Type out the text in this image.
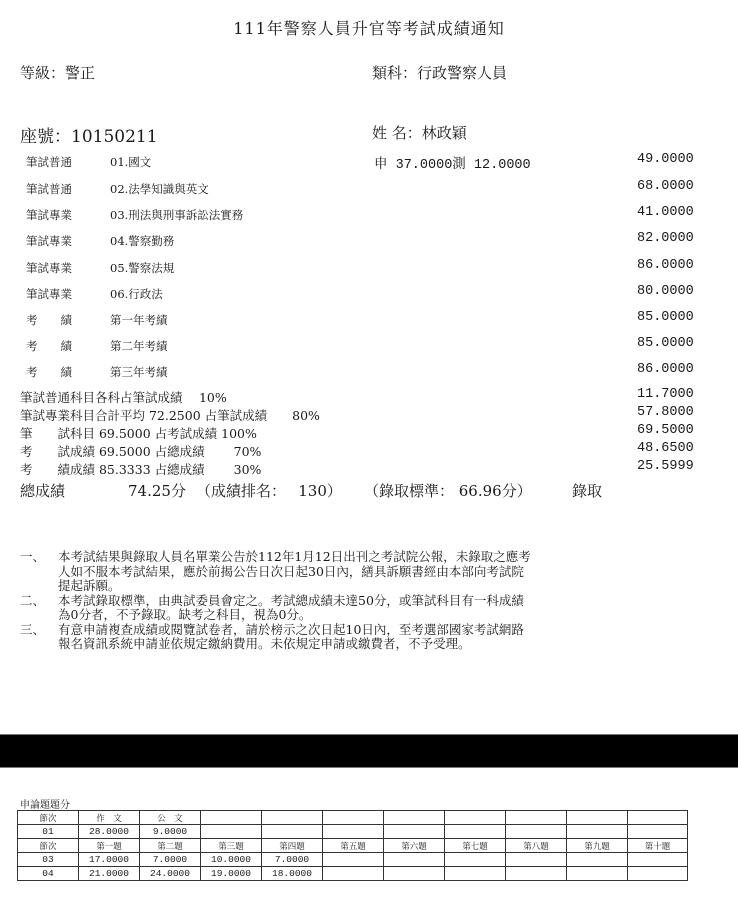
111年警察人員升官等考試成績通知
等級：警正	類科：行政警察人員
座號：10150211	姓 名：林政穎
筆試普通	01.國文	申 37.0000測 12.0000	49.0000
筆試普通	02.法學知識與英文	68.0000
筆試專業	03.刑法與刑事訴訟法實務	41.0000
筆試專業	04.警察勤務	82.0000
筆試專業	05.警察法規	86.0000
筆試專業	06.行政法	80.0000
考　　績	第一年考績	85.0000
考　　績	第二年考績	85.0000
考　　績	第三年考績	86.0000
筆試普通科目各科占筆試成績　 10%	11.7000
筆試專業科目合計平均 72.2500 占筆試成績　　80%	57.8000
筆　　試科目 69.5000 占考試成績 100%	69.5000
考　　試成績 69.5000 占總成績　　 70%	48.6500
考　　績成績 85.3333 占總成績　　 30%	25.5999
總成績	74.25分 （成績排名：　 130） （錄取標準： 66.96分）	錄取
一、	本考試結果與錄取人員名單業公告於112年1月12日出刊之考試院公報，未錄取之應考
人如不服本考試結果，應於前揭公告日次日起30日內，繕具訴願書經由本部向考試院
提起訴願。
二、	本考試錄取標準，由典試委員會定之。考試總成績未達50分，或筆試科目有一科成績
為0分者，不予錄取。缺考之科目，視為0分。
三、	有意申請複查成績或閱覽試卷者，請於榜示之次日起10日內，至考選部國家考試網路
報名資訊系統申請並依規定繳納費用。未依規定申請或繳費者，不予受理。
申論題題分
節次	作　文	公　文								
01	28.0000	9.0000								
節次	第一題	第二題	第三題	第四題	第五題	第六題	第七題	第八題	第九題	第十題
03	17.0000	7.0000	10.0000	7.0000						
04	21.0000	24.0000	19.0000	18.0000						
